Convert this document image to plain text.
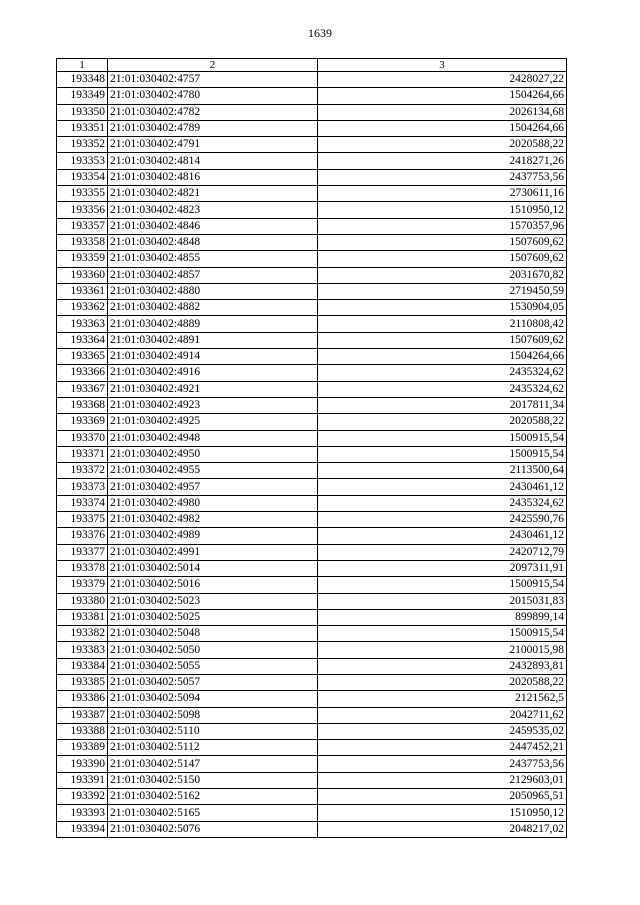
1639
1	2	3
193348	21:01:030402:4757	2428027,22
193349	21:01:030402:4780	1504264,66
193350	21:01:030402:4782	2026134,68
193351	21:01:030402:4789	1504264,66
193352	21:01:030402:4791	2020588,22
193353	21:01:030402:4814	2418271,26
193354	21:01:030402:4816	2437753,56
193355	21:01:030402:4821	2730611,16
193356	21:01:030402:4823	1510950,12
193357	21:01:030402:4846	1570357,96
193358	21:01:030402:4848	1507609,62
193359	21:01:030402:4855	1507609,62
193360	21:01:030402:4857	2031670,82
193361	21:01:030402:4880	2719450,59
193362	21:01:030402:4882	1530904,05
193363	21:01:030402:4889	2110808,42
193364	21:01:030402:4891	1507609,62
193365	21:01:030402:4914	1504264,66
193366	21:01:030402:4916	2435324,62
193367	21:01:030402:4921	2435324,62
193368	21:01:030402:4923	2017811,34
193369	21:01:030402:4925	2020588,22
193370	21:01:030402:4948	1500915,54
193371	21:01:030402:4950	1500915,54
193372	21:01:030402:4955	2113500,64
193373	21:01:030402:4957	2430461,12
193374	21:01:030402:4980	2435324,62
193375	21:01:030402:4982	2425590,76
193376	21:01:030402:4989	2430461,12
193377	21:01:030402:4991	2420712,79
193378	21:01:030402:5014	2097311,91
193379	21:01:030402:5016	1500915,54
193380	21:01:030402:5023	2015031,83
193381	21:01:030402:5025	899899,14
193382	21:01:030402:5048	1500915,54
193383	21:01:030402:5050	2100015,98
193384	21:01:030402:5055	2432893,81
193385	21:01:030402:5057	2020588,22
193386	21:01:030402:5094	2121562,5
193387	21:01:030402:5098	2042711,62
193388	21:01:030402:5110	2459535,02
193389	21:01:030402:5112	2447452,21
193390	21:01:030402:5147	2437753,56
193391	21:01:030402:5150	2129603,01
193392	21:01:030402:5162	2050965,51
193393	21:01:030402:5165	1510950,12
193394	21:01:030402:5076	2048217,02
